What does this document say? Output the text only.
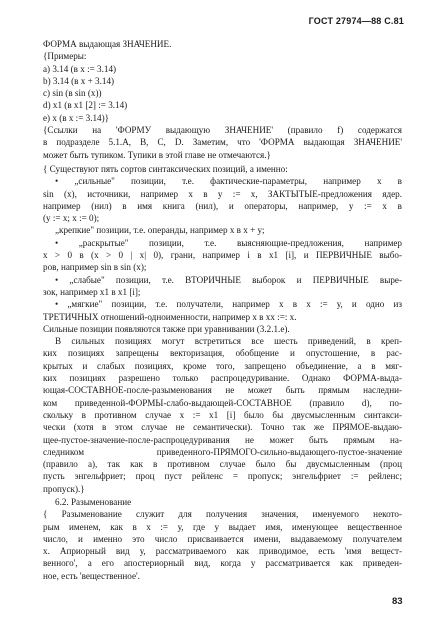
ГОСТ 27974—88 С.81
ФОРМА выдающая ЗНАЧЕНИЕ.
{Примеры:
a) 3.14 (в х := 3.14)
b) 3.14 (в х + 3.14)
c) sin (в sin (x))
d) x1 (в x1 [2] := 3.14)
e) x (в х := 3.14)}
{Ссылки на 'ФОРМУ выдающую ЗНАЧЕНИЕ' (правило f) содержатся
в подразделе 5.1.А, В, С, D. Заметим, что 'ФОРМА выдающая ЗНАЧЕНИЕ'
может быть тупиком. Тупики в этой главе не отмечаются.}
{ Существуют пять сортов синтаксических позиций, а именно:
• „сильные" позиции, т.е. фактические-параметры, например х в
sin (x), источники, например х в у := х, ЗАКТЫТЫЕ-предложения ядер.
например (нил) в имя книга (нил), и операторы, например, у := х в
(у := х; х := 0);
„крепкие" позиции, т.е. операнды, например х в х + у;
• „раскрытые" позиции, т.е. выясняющие-предложения, например
х > 0 в (х > 0 | х| 0), грани, например i в x1 [i], и ПЕРВИЧНЫЕ выбо-
ров, например sin в sin (x);
• „слабые" позиции, т.е. ВТОРИЧНЫЕ выборок и ПЕРВИЧНЫЕ выре-
зок, например x1 в x1 [i];
• „мягкие" позиции, т.е. получатели, например х в х := у, и одно из
ТРЕТИЧНЫХ отношений-одноименности, например х в хх :=: х.
Сильные позиции появляются также при уравнивании (3.2.1.е).
В сильных позициях могут встретиться все шесть приведений, в креп-
ких позициях запрещены векторизация, обобщение и опустошение, в рас-
крытых и слабых позициях, кроме того, запрещено объединение, а в мяг-
ких позициях разрешено только распроцедуривание. Однако ФОРМА-выда-
ющая-СОСТАВНОЕ-после-разыменования не может быть прямым наследни-
ком приведенной-ФОРМЫ-слабо-выдающей-СОСТАВНОЕ (правило d), по-
скольку в противном случае х := x1 [i] было бы двусмысленным синтакси-
чески (хотя в этом случае не семантически). Точно так же ПРЯМОЕ-выдаю-
щее-пустое-значение-после-распроцедуривания не может быть прямым на-
следником приведенного-ПРЯМОГО-сильно-выдающего-пустое-значение
(правило а), так как в противном случае было бы двусмысленным (проц
пусть энгельфриет; проц пуст рейленс = пропуск; энгельфриет := рейленс;
пропуск).}
6.2. Разыменование
{ Разыменование служит для получения значения, именуемого некото-
рым именем, как в х := у, где у выдает имя, именующее вещественное
число, и именно это число присваивается имени, выдаваемому получателем
х. Априорный вид у, рассматриваемого как приводимое, есть 'имя вещест-
венного', а его апостериорный вид, когда у рассматривается как приведен-
ное, есть 'вещественное'.
83
